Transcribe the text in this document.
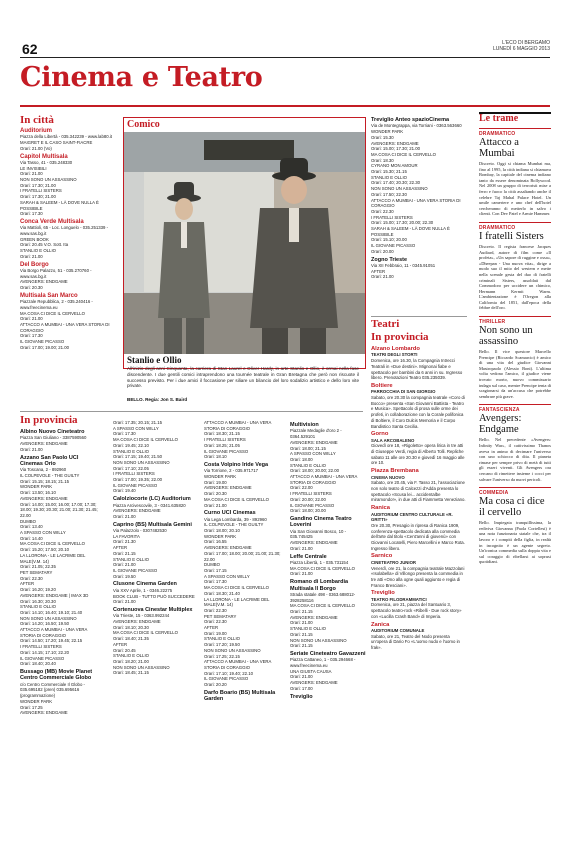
62	L'ECO DI BERGAMO
LUNEDÌ 6 MAGGIO 2013
Cinema e Teatro
In città
Auditorium
Piazza della Libertà - 035.342239 - www.lab80.it
MAIGRET E IL CASO SAINT-FIACRE
Orari: 21.00 (Vo)
Capitol Multisala
Via Tasso, 41 - 035.248330
LE INVISIBILI
Orari: 21.00
NON SONO UN ASSASSINO
Orari: 17.30; 21.00
I FRATELLI SISTERS
Orari: 17.30; 21.00
SARAH & SALEEM - LÀ DOVE NULLA È POSSIBILE
Orari: 17.30
Conca Verde Multisala
Via Mattioli, 65 - Loc. Longuelo - 035.251339 - www.sas.bg.it
GREEN BOOK
Orari: 20.45 V.O. Sott. Ita
STANLIO E OLLIO
Orari: 21.00
Del Borgo
Via Borgo Palazzo, 51 - 035.270760 - www.sas.bg.it
AVENGERS: ENDGAME
Orari: 20.30
Multisala San Marco
Piazzale Repubblica, 2 - 035.240416 - www.freecinema.eu
MA COSA CI DICE IL CERVELLO
Orari: 21.00
ATTACCO A MUMBAI - UNA VERA STORIA DI CORAGGIO
Orari: 17.30
IL GIOVANE PICASSO
Orari: 17.00; 19.00; 21.00
Comico
Stanlio e Ollio
All'inizio degli anni Cinquanta, la carriera di Stan Laurel e Oliver Hardy, in arte Stanlio e Ollio, è ormai nella fase discendente. I due gentili comici intraprendono una tournée teatrale in Gran Bretagna che però non riscuote il successo previsto. Per i due amici il foccasione per siliare un bilancio del loro sodalizio artistico e dello loro vite private.
BELLO. Regia: Jon S. Baird
Treviglio Anteo spazioCinema
Via de Montegrappa, via Torriani - 0363.563660
WONDER PARK
Orari: 15.30
AVENGERS: ENDGAME
Orari: 15.00; 17.30; 21.00
MA COSA CI DICE IL CERVELLO
Orari: 18.30
CYRANO MON AMOUR
Orari: 15.30; 21.15
STANLIO E OLLIO
Orari: 17.40; 20.30; 22.30
NON SONO UN ASSASSINO
Orari: 17.50; 22.30
ATTACCO A MUMBAI - UNA VERA STORIA DI CORAGGIO
Orari: 22.30
I FRATELLI SISTERS
Orari: 15.00; 17.30; 20.00; 22.30
SARAH & SALEEM - LÀ DOVE NULLA È POSSIBILE
Orari: 15.10; 20.00
IL GIOVANE PICASSO
Orari: 20.00
Zogno Trieste
Via XII Febbraio, 11 - 0345.91051
AFTER
Orari: 21.00
Teatri
In provincia
Alzano Lombardo
TEATRI DEGLI STORTI
Domenica, ore 16.30, la Compagnia Intrecci Teatrali in «Due destini». Mignonai fiabe e spettacolo per bambini da 6 anni in su. Ingresso libero. Prenotazioni Teatro 035.235039.
Boltiere
PARROCCHIA DI SAN GIORGIO
Sabato, ore 20.30 la compagnia teatrale «Coro di Bocco» presenta «San Giovanni Battista - Teatro e Musica». Spettacolo di prosa sulle orme dei profeti, in collaborazione con la Corale polifonica di Boltiere, il Coro Dulcis Memoria e il Corpo Bandistico Santa Cecilia.
Gorno
SALA ARCOBALENO
Giovedì ore 18, «Rigoletto» opera lirica in tre atti di Giuseppe Verdi, regia di Alberto Tolli. Repliche sabato 11 alle ore 20.30 e giovedì 16 maggio alle ore 10.
Piazza Brembana
CINEMA NUOVO
Sabato, ore 20.45, via F. Tasso 21, l'associazione non solo teatro di Calcezzi d'Adda presenta lo spettacolo «Scusa lei... accidentalbe miramondo!», in due atti di Fiammetta Veneziano.
Ranica
AUDITORIUM CENTRO CULTURALE «R. GRITTI»
Ore 20.30, Presagio in ripresa di Ranica 1909, conferenza-spettacolo dedicata alla commedia dell'arte dal titolo «Cent'anni di giovenù» con Giovanni Locatelli, Piero Marcellini e Marco Rota. Ingresso libero.
Sarnico
CINETEATRO JUNIOR
Venerdì, ore 21, la compagnia teatrale Mazzolani «Isolabella» di Villongo presenta la commedia in tre atti «Ono alla ogne quali aggiunto e regia di Franco Bresciani».
Treviglio
TEATRO FILODRAMMATICI
Domenica, ore 21, piazza del Santuario 3, spettacolo teatro-rock «Ribelli - Due rock story» con «Lucilla Crash Band» di Imperia.
Zanica
AUDITORIUM COMUNALE
Sabato, ore 21, Teatro del Nodo presenta un'opera di Dario Fo «L'uomo nudo e l'uomo in frak».
In provincia
Albino Nuovo Cineteatro
Piazza San Giuliano - 3387590560
AVENGERS: ENDGAME
Orari: 21.00
Azzano San Paolo UCI Cinemas Orio
Via Toscana, 2 - 892960
IL COLPEVOLE - THE GUILTY
Orari: 15.15; 18.15; 21.15
WONDER PARK
Orari: 13.50; 16.10
AVENGERS: ENDGAME
Orari: 14.00; 15.00; 16.00; 17.00; 17.30; 18.00; 19.30; 20.30; 21.00; 21.30; 21.45; 22.00
DUMBO
Orari: 13.40
A SPASSO CON WILLY
Orari: 14.40
MA COSA CI DICE IL CERVELLO
Orari: 15.20; 17.50; 20.10
LA LLORONA - LE LACRIME DEL MALE(V.M. 14)
Orari: 21.05; 22.35
PET SEMATARY
Orari: 22.30
AFTER
Orari: 16.20; 19.20
AVENGERS: ENDGAME | IMAX 3D
Orari: 16.30; 20.30
STANLIO E OLLIO
Orari: 14.10; 16.40; 19.10; 21.40
NON SONO UN ASSASSINO
Orari: 14.20; 16.50; 19.50
ATTACCO A MUMBAI - UNA VERA STORIA DI CORAGGIO
Orari: 14.50; 17.20; 19.45; 22.15
I FRATELLI SISTERS
Orari: 14.15; 17.10; 22.20
IL GIOVANE PICASSO
Orari: 18.40; 20.40
Bussago (MB) Movie Planet Centro Commerciale Globo
c/o Centro Commerciale Il Globo - 035.695182 (pren) 035.695616 (programmazione)
WONDER PARK
Orari: 17.25
AVENGERS: ENDGAME
Orari: 17.35; 20.15; 21.15
A SPASSO CON WILLY
Orari: 17.30
MA COSA CI DICE IL CERVELLO
Orari: 19.45; 22.10
STANLIO E OLLIO
Orari: 17.15; 19.40; 21.50
NON SONO UN ASSASSINO
Orari: 17.10; 22.05
I FRATELLI SISTERS
Orari: 17.00; 19.35; 22.00
IL GIOVANE PICASSO
Orari: 19.40
Calolziocorte (LC) Auditorium
Piazza Arcivescovile, 3 - 0341.635820
AVENGERS: ENDGAME
Orari: 21.00
Caprino (BS) Multisala Gemini
Via Palazzolo - 0307482530
LA FAVORITA
Orari: 21.30
AFTER
Orari: 21.15
STANLIO E OLLIO
Orari: 21.00
IL GIOVANE PICASSO
Orari: 19.50
Clusone Cinema Garden
Via XXV Aprile, 1 - 0346.22275
BOOK CLUB - TUTTO PUÒ SUCCEDERE
Orari: 21.00
Cortenuova Cinestar Multiplex
Via Trieste, 15 - 0363.992244
AVENGERS: ENDGAME
Orari: 18.10; 20.30
MA COSA CI DICE IL CERVELLO
Orari: 18.40; 21.35
AFTER
Orari: 20.45
STANLIO E OLLIO
Orari: 18.20; 21.00
NON SONO UN ASSASSINO
Orari: 18.45; 21.15
ATTACCO A MUMBAI - UNA VERA STORIA DI CORAGGIO
Orari: 18.30; 21.15
I FRATELLI SISTERS
Orari: 18.25; 21.05
IL GIOVANE PICASSO
Orari: 18.10
Costa Volpino Iride Vega
Via Torrione, 2 - 035.971717
WONDER PARK
Orari: 19.00
AVENGERS: ENDGAME
Orari: 20.30
MA COSA CI DICE IL CERVELLO
Orari: 21.00
Curno UCI Cinemas
Via Lega Lombarda, 39 - 892960
IL COLPEVOLE - THE GUILTY
Orari: 18.00; 20.10
WONDER PARK
Orari: 16.55
AVENGERS: ENDGAME
Orari: 17.00; 18.00; 20.00; 21.00; 21.30; 22.00
DUMBO
Orari: 17.15
A SPASSO CON WILLY
Orari: 17.30
MA COSA CI DICE IL CERVELLO
Orari: 18.30; 21.40
LA LLORONA - LE LACRIME DEL MALE(V.M. 14)
Orari: 22.30
PET SEMATARY
Orari: 22.30
AFTER
Orari: 19.00
STANLIO E OLLIO
Orari: 17.20; 19.50
NON SONO UN ASSASSINO
Orari: 17.25; 22.15
ATTACCO A MUMBAI - UNA VERA STORIA DI CORAGGIO
Orari: 17.10; 19.40; 22.10
IL GIOVANE PICASSO
Orari: 20.20
Darfo Boario (BS) Multisala Garden
Multivision
Piazzale Medaglie d'oro 2 - 0364.529101
AVENGERS: ENDGAME
Orari: 18.00; 21.15
A SPASSO CON WILLY
Orari: 18.00
STANLIO E OLLIO
Orari: 18.00; 20.00; 22.00
ATTACCO A MUMBAI - UNA VERA STORIA DI CORAGGIO
Orari: 22.00
I FRATELLI SISTERS
Orari: 20.00; 22.00
IL GIOVANE PICASSO
Orari: 18.00; 20.00
Gandino Cinema Teatro Loverini
Via San Giovanni Bosco, 10 - 035.745425
AVENGERS: ENDGAME
Orari: 21.00
Leffe Centrale
Piazza Libertà, 1 - 035.731154
MA COSA CI DICE IL CERVELLO
Orari: 21.00
Romano di Lombardia Multisala Il Borgo
Strada statale 498 - 0363.688012-3928258116
MA COSA CI DICE IL CERVELLO
Orari: 21.15
AVENGERS: ENDGAME
Orari: 21.00
STANLIO E OLLIO
Orari: 21.15
NON SONO UN ASSASSINO
Orari: 21.15
Seriate Cineteatro Gavazzeni
Piazza Cattaneo, 1 - 035.294668 - www.freecinema.eu
UNA GIUSTA CAUSA
Orari: 21.00
AVENGERS: ENDGAME
Orari: 17.00
Treviglio
Le trame
DRAMMATICO
Attacco a Mumbai
Discreto. Oggi si chiama Mumbai ma, fino al 1995, la città indiana si chiamava Bombay, la capitale del cinema indiano tanto da essere denominata Bollywood. Nel 2008 un gruppo di terroristi mise a ferro e fuoco la città assaltando anche il celebre Taj Mahal Palace Hotel. Un umile cameriere e uno chef dell'hotel cercheranno di metterlo in salvo i clienti. Con Dev Patel e Armie Hammer.
DRAMMATICO
I fratelli Sisters
Discreto. Il regista francese Jacques Audiard, autore di film come «Il profeta», «Un sapore di ruggine e ossa», «Dheepan - Una nuova vita», dirige a modo suo il mito del western e mette nella scenale gesta del duo di fratelli criminali Sisters, assoldati dal Commodoro per uccidere un chimico, Hermann Kermit Warm. L'ambientazione è l'Oregon alla California del 1851, dall'epoca della febbre dell'oro.
THRILLER
Non sono un assassino
Bello. Il vice questore Marcello Prencipe (Riccardo Scamarcio) è amico di una vita del giudice Giovanni Mastropaolo (Alessio Boni). L'ultima volta vedono l'amico, il giudice viene trovato morto, nuovo commissario indaga sul caso, mentre Prencipe tenta di scagionarsi da un'accusa che potrebbe sembrare più grave.
FANTASCIENZA
Avengers: Endgame
Bello. Nel precedente «Avengers: Infinity War», il cattivissimo Thanos aveva in animo di decimare l'universo con uno schiocco di dita. Il pianeta rimase per sempre privo di metà di tutti gli esseri viventi. Gli Avengers ora cercano di rimettere insieme i cocci per salvare l'universo da nuovi pericoli.
COMMEDIA
Ma cosa ci dice il cervello
Bello. Impiegata tranquillissima, la rediviva Giovanna (Paola Cortellesi) è una nota funzionaria statale che, tra il lavoro e i compiti della figlia, in realtà in incognito è un agente segreto. Un'ironica commedia sulla doppia vita e sul coraggio di ribellarsi ai soprusi quotidiani.
